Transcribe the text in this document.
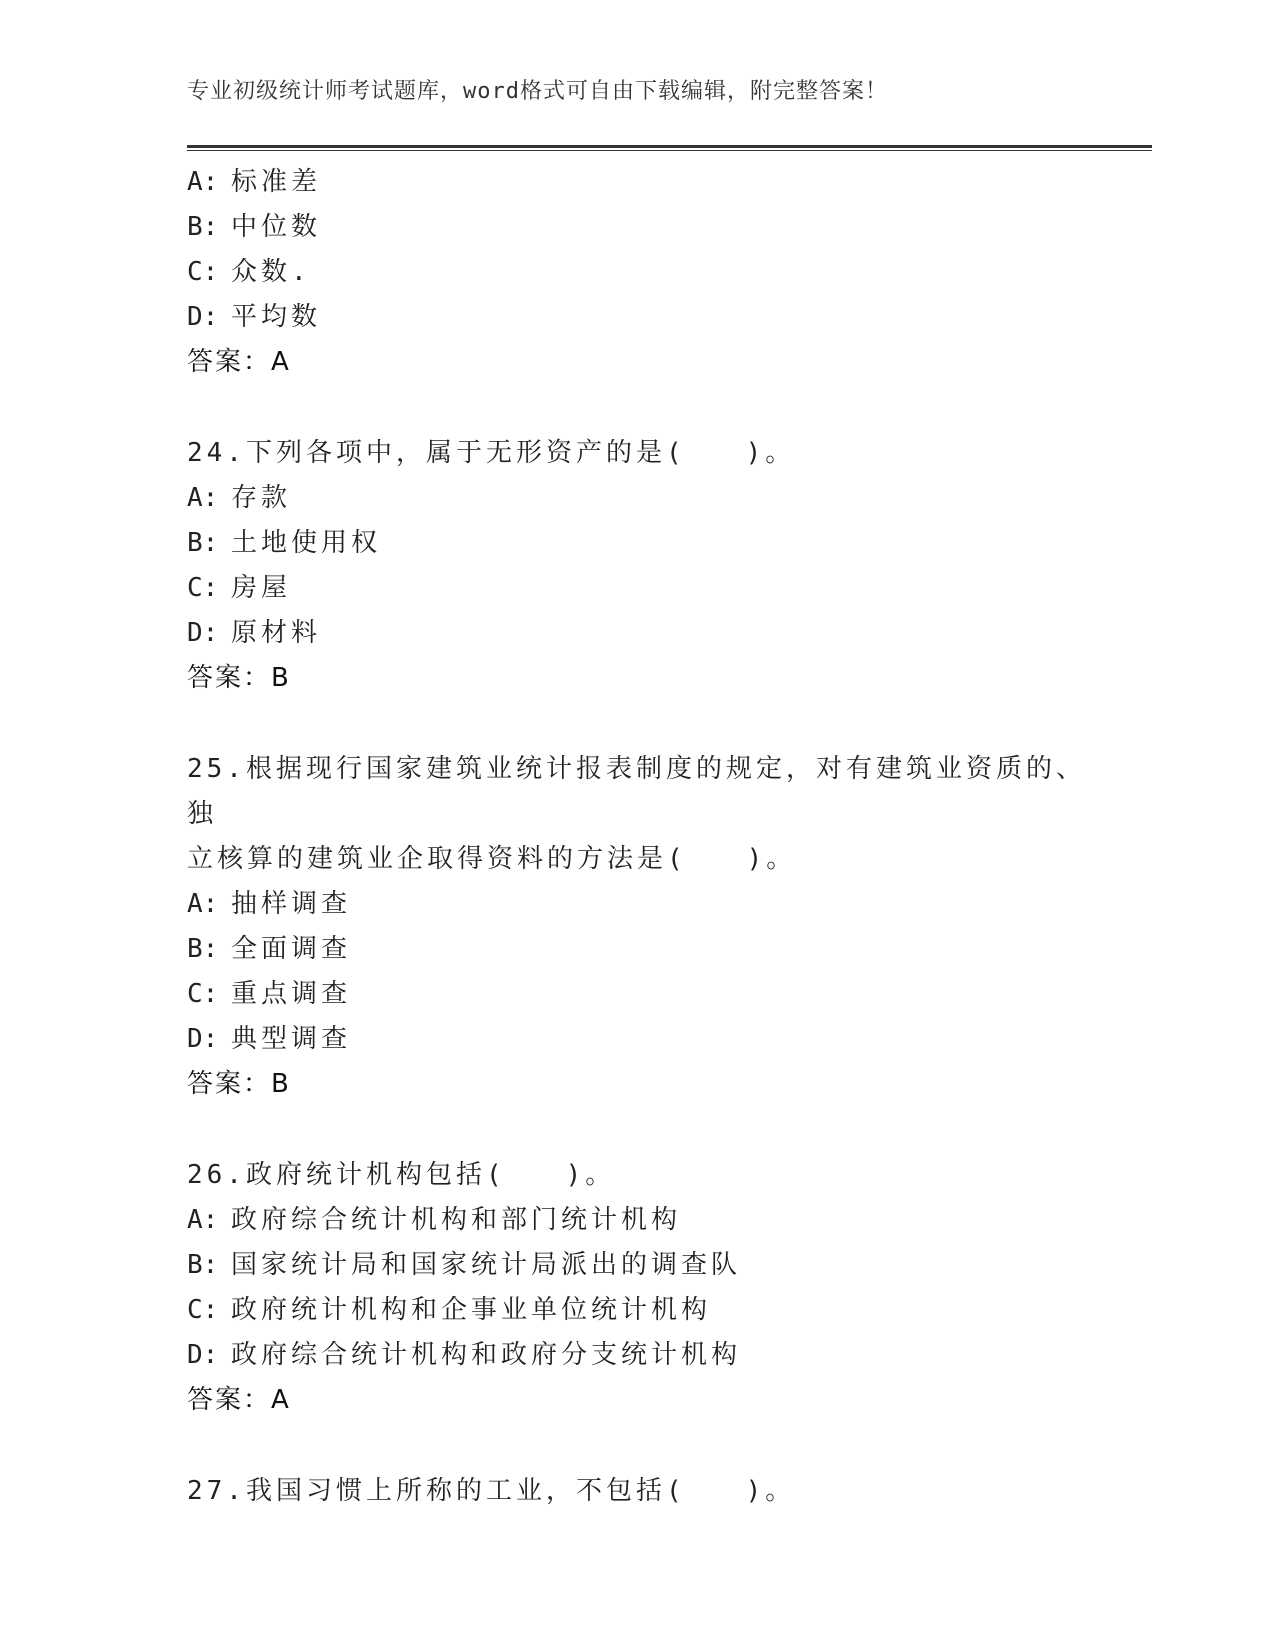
专业初级统计师考试题库，word格式可自由下载编辑，附完整答案！
A: 标准差
B: 中位数
C: 众数.
D: 平均数
答案：A
24.下列各项中，属于无形资产的是(　　)。
A: 存款
B: 土地使用权
C: 房屋
D: 原材料
答案：B
25.根据现行国家建筑业统计报表制度的规定，对有建筑业资质的、独
立核算的建筑业企取得资料的方法是(　　)。
A: 抽样调查
B: 全面调查
C: 重点调查
D: 典型调查
答案：B
26.政府统计机构包括(　　)。
A: 政府综合统计机构和部门统计机构
B: 国家统计局和国家统计局派出的调查队
C: 政府统计机构和企事业单位统计机构
D: 政府综合统计机构和政府分支统计机构
答案：A
27.我国习惯上所称的工业，不包括(　　)。
